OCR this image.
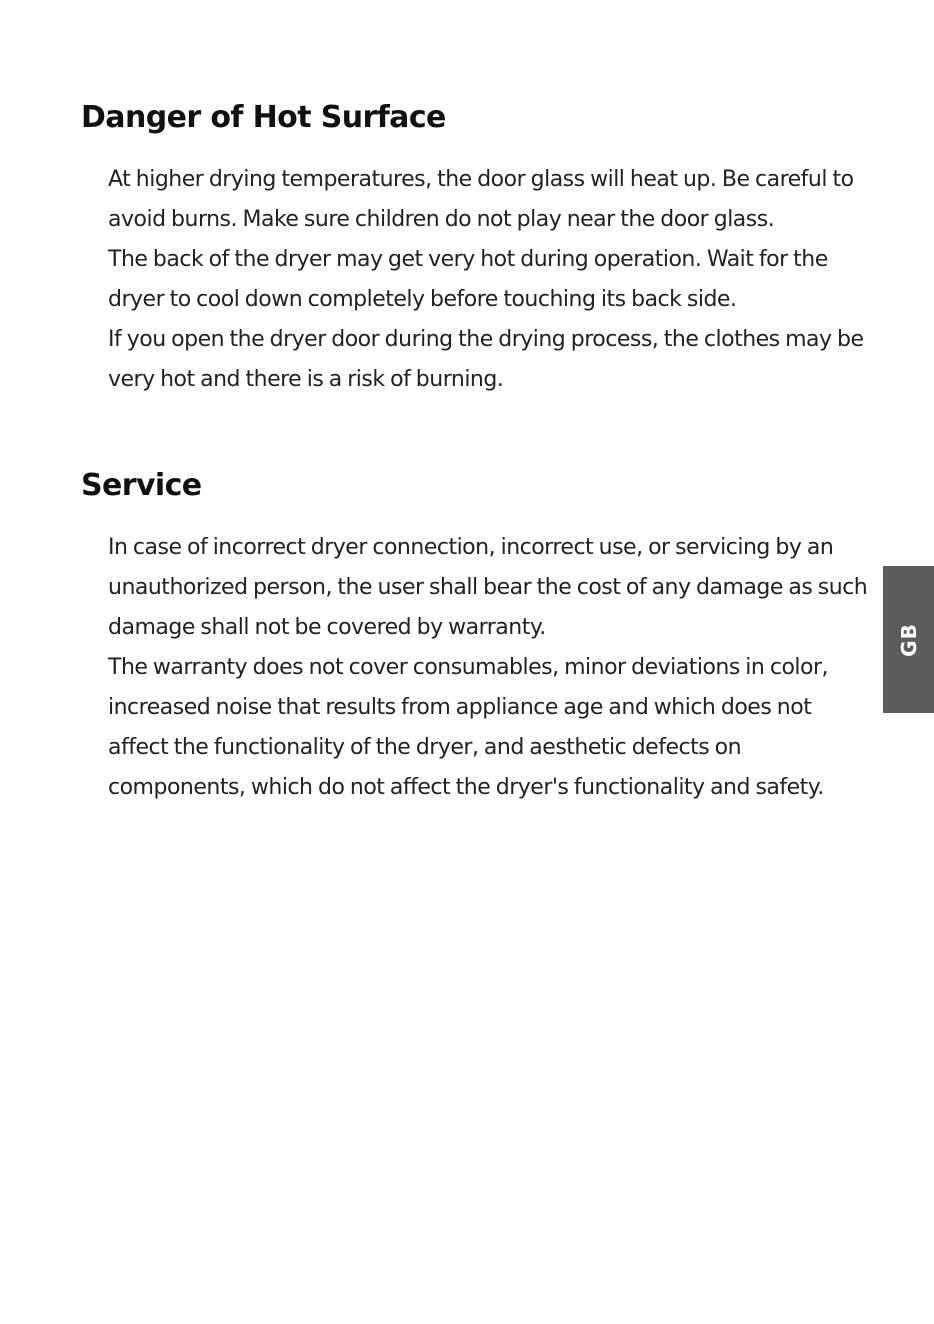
Danger of Hot Surface

At higher drying temperatures, the door glass will heat up. Be careful to avoid burns. Make sure children do not play near the door glass.

The back of the dryer may get very hot during operation. Wait for the dryer to cool down completely before touching its back side.

If you open the dryer door during the drying process, the clothes may be very hot and there is a risk of burning.

Service

In case of incorrect dryer connection, incorrect use, or servicing by an unauthorized person, the user shall bear the cost of any damage as such damage shall not be covered by warranty.

The warranty does not cover consumables, minor deviations in color, increased noise that results from appliance age and which does not affect the functionality of the dryer, and aesthetic defects on components, which do not affect the dryer's functionality and safety.

GB
